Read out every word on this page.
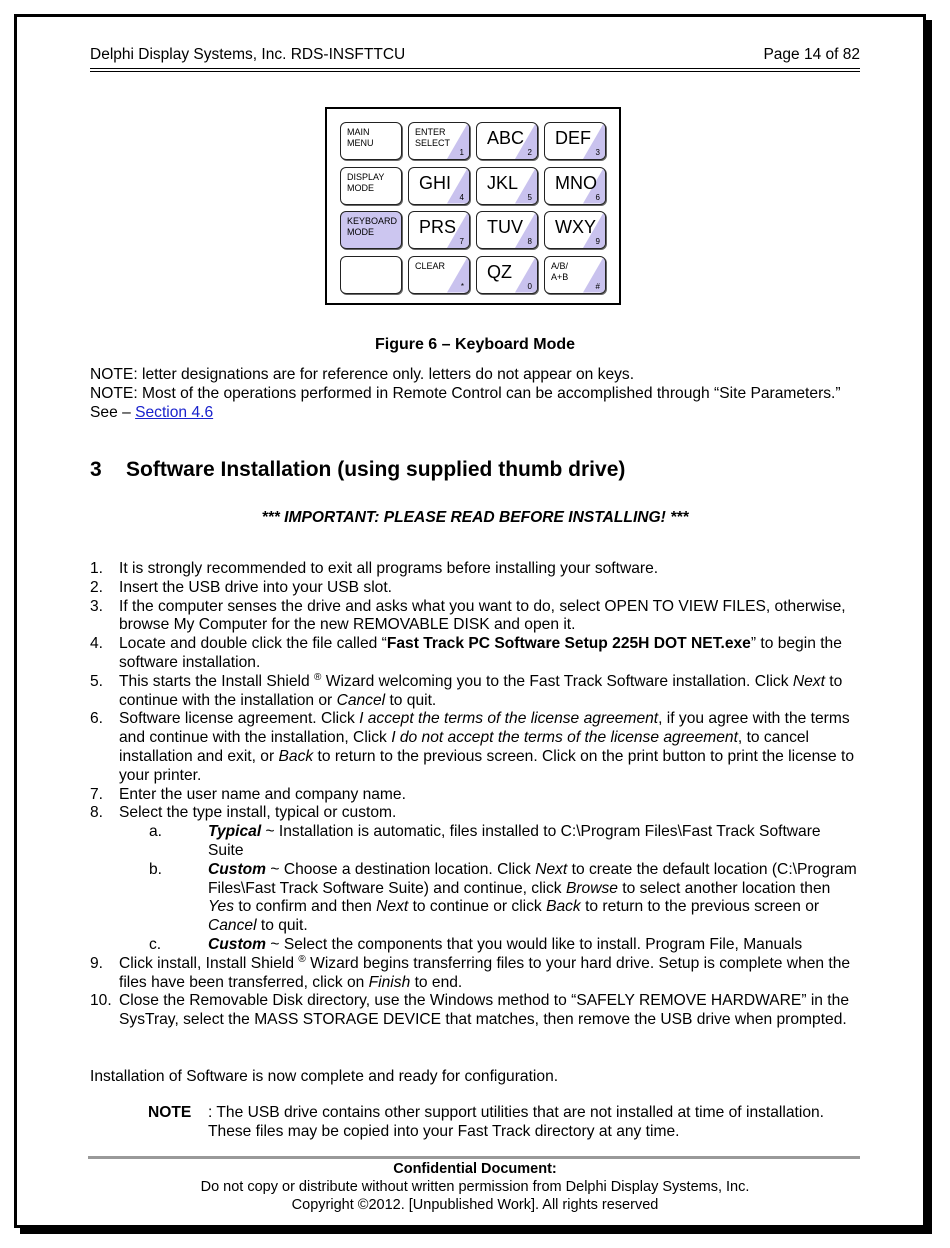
Delphi Display Systems, Inc. RDS-INSFTTCU	Page 14 of 82
MAIN
MENU
ENTER
SELECT
1
ABC
2
DEF
3
DISPLAY
MODE	GHI
4
JKL
5
MNO
6
KEYBOARD
MODE	PRS
7
TUV
8
WXY
9
CLEAR
*
QZ
0
A/B/
A+B
#
Figure 6 – Keyboard Mode
NOTE: letter designations are for reference only. letters do not appear on keys.
NOTE: Most of the operations performed in Remote Control can be accomplished through “Site Parameters.” See – Section 4.6
3 Software Installation (using supplied thumb drive)
*** IMPORTANT: PLEASE READ BEFORE INSTALLING! ***
1. It is strongly recommended to exit all programs before installing your software.
2. Insert the USB drive into your USB slot.
3. If the computer senses the drive and asks what you want to do, select OPEN TO VIEW FILES, otherwise, browse My Computer for the new REMOVABLE DISK and open it.
4. Locate and double click the file called “Fast Track PC Software Setup 225H DOT NET.exe” to begin the software installation.
5. This starts the Install Shield ® Wizard welcoming you to the Fast Track Software installation. Click Next to continue with the installation or Cancel to quit.
6. Software license agreement. Click I accept the terms of the license agreement, if you agree with the terms and continue with the installation, Click I do not accept the terms of the license agreement, to cancel installation and exit, or Back to return to the previous screen. Click on the print button to print the license to your printer.
7. Enter the user name and company name.
8. Select the type install, typical or custom.
a.	Typical ~ Installation is automatic, files installed to C:\Program Files\Fast Track Software Suite
b.	Custom ~ Choose a destination location. Click Next to create the default location (C:\Program Files\Fast Track Software Suite) and continue, click Browse to select another location then Yes to confirm and then Next to continue or click Back to return to the previous screen or Cancel to quit.
c.	Custom ~ Select the components that you would like to install. Program File, Manuals
9. Click install, Install Shield ® Wizard begins transferring files to your hard drive. Setup is complete when the files have been transferred, click on Finish to end.
10. Close the Removable Disk directory, use the Windows method to “SAFELY REMOVE HARDWARE” in the SysTray, select the MASS STORAGE DEVICE that matches, then remove the USB drive when prompted.
Installation of Software is now complete and ready for configuration.
NOTE	: The USB drive contains other support utilities that are not installed at time of installation. These files may be copied into your Fast Track directory at any time.
Confidential Document:
Do not copy or distribute without written permission from Delphi Display Systems, Inc.
Copyright ©2012. [Unpublished Work]. All rights reserved
